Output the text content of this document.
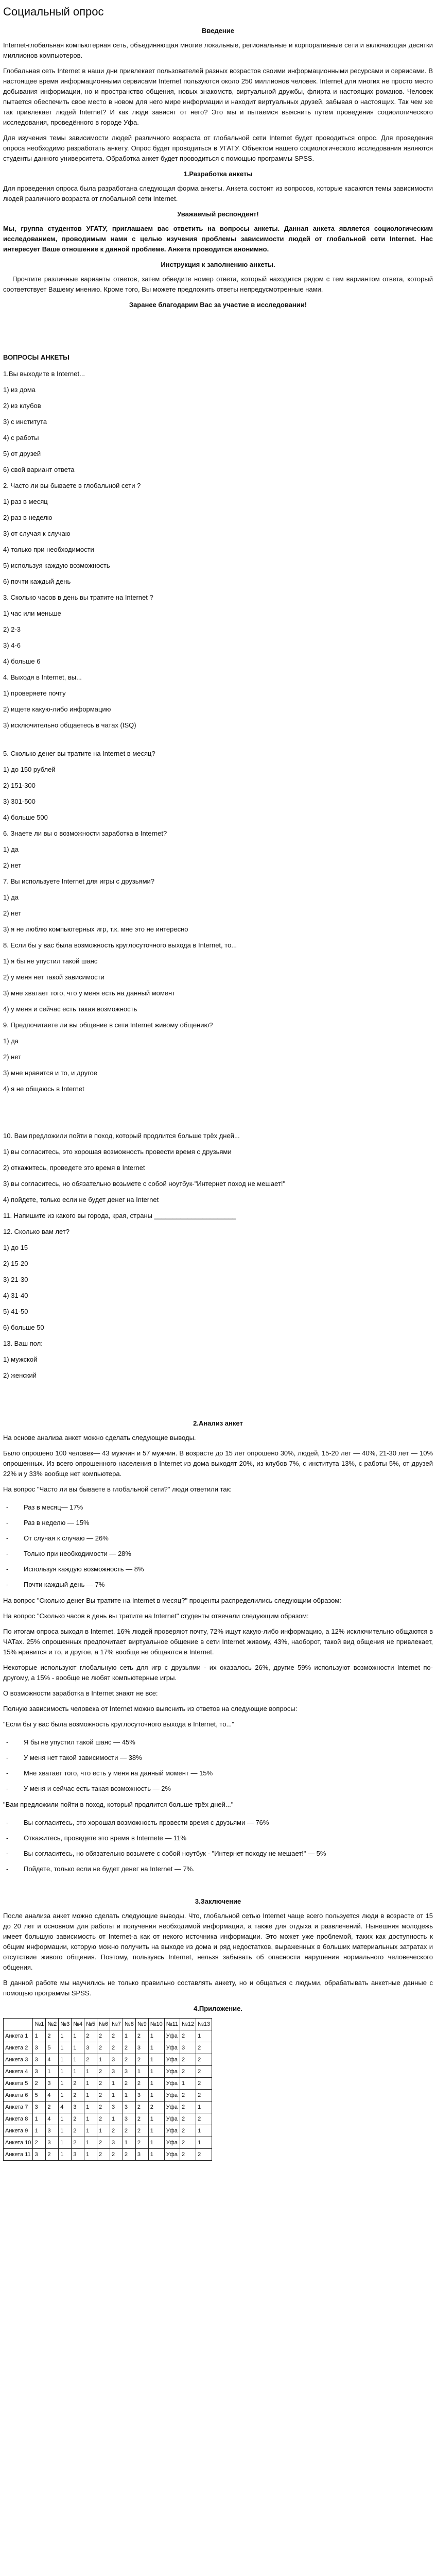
Социальный опрос
Введение

Internet-глобальная компьютерная сеть, объединяющая многие локальные, региональные и корпоративные сети и включающая десятки миллионов компьютеров.

Глобальная сеть Internet в наши дни привлекает пользователей разных возрастов своими информационными ресурсами и сервисами. В настоящее время информационными сервисами Internet пользуются около 250 миллионов человек. Internet для многих не просто место добывания информации, но и пространство общения, новых знакомств, виртуальной дружбы, флирта и настоящих романов. Человек пытается обеспечить свое место в новом для него мире информации и находит виртуальных друзей, забывая о настоящих. Так чем же так привлекает людей Internet? И как люди зависят от него? Это мы и пытаемся выяснить путем проведения социологического исследования, проведённого в городе Уфа.

Для изучения темы зависимости людей различного возраста от глобальной сети Internet будет проводиться опрос. Для проведения опроса необходимо разработать анкету. Опрос будет проводиться в УГАТУ. Объектом нашего социологического исследования являются студенты данного университета. Обработка анкет будет проводиться с помощью программы SPSS.

1.Разработка анкеты

Для проведения опроса была разработана следующая форма анкеты. Анкета состоит из вопросов, которые касаются темы зависимости людей различного возраста от глобальной сети Internet.

Уважаемый респондент!

Мы, группа студентов УГАТУ, приглашаем вас ответить на вопросы анкеты. Данная анкета является социологическим исследованием, проводимым нами с целью изучения проблемы зависимости людей от глобальной сети Internet. Нас интересует Ваше отношение к данной проблеме. Анкета проводится анонимно.

Инструкция к заполнению анкеты.

Прочтите различные варианты ответов, затем обведите номер ответа, который находится рядом с тем вариантом ответа, который соответствует Вашему мнению. Кроме того, Вы можете предложить ответы непредусмотренные нами.

Заранее благодарим Вас за участие в исследовании!
ВОПРОСЫ АНКЕТЫ
1.Вы выходите в Internet...
1) из дома
2) из клубов
3) с института
4) с работы
5) от друзей
6) свой вариант ответа
2. Часто ли вы бываете в глобальной сети ?
1) раз в месяц
2) раз в неделю
3) от случая к случаю
4) только при необходимости
5) используя каждую возможность
6) почти каждый день
3. Сколько часов в день вы тратите на Internet ?
1) час или меньше
2) 2-3
3) 4-6
4) больше 6
4. Выходя в Internet, вы...
1) проверяете почту
2) ищете какую-либо информацию
3) исключительно общаетесь в чатах (ISQ)
5. Сколько денег вы тратите на Internet в месяц?
1) до 150 рублей
2) 151-300
3) 301-500
4) больше 500
6. Знаете ли вы о возможности заработка в Internet?
1) да
2) нет
7. Вы используете Internet для игры с друзьями?
1) да
2) нет
3) я не люблю компьютерных игр, т.к. мне это не интересно
8. Если бы у вас была возможность круглосуточного выхода в Internet, то...
1) я бы не упустил такой шанс
2) у меня нет такой зависимости
3) мне хватает того, что у меня есть на данный момент
4) у меня и сейчас есть такая возможность
9. Предпочитаете ли вы общение в сети Internet живому общению?
1) да
2) нет
3) мне нравится и то, и другое
4) я не общаюсь в Internet
10. Вам предложили пойти в поход, который продлится больше трёх дней...
1) вы согласитесь, это хорошая возможность провести время с друзьями
2) откажитесь, проведете это время в Internet
3) вы согласитесь, но обязательно возьмете с собой ноутбук-"Интернет поход не мешает!"
4) пойдете, только если не будет денег на Internet
11. Напишите из какого вы города, края, страны ______________________
12. Сколько вам лет?
1) до 15
2) 15-20
3) 21-30
4) 31-40
5) 41-50
6) больше 50
13. Ваш пол:
1) мужской
2) женский
2.Анализ анкет

На основе анализа анкет можно сделать следующие выводы.

Было опрошено 100 человек— 43 мужчин и 57 мужчин. В возрасте до 15 лет опрошено 30%, людей, 15-20 лет — 40%, 21-30 лет — 10% опрошенных. Из всего опрошенного населения в Internet из дома выходят 20%, из клубов 7%, с института 13%, с работы 5%, от друзей 22% и у 33% вообще нет компьютера.

На вопрос "Часто ли вы бываете в глобальной сети?" люди ответили так:

- Раз в месяц— 17%
- Раз в неделю — 15%
- От случая к случаю — 26%
- Только при необходимости — 28%
- Используя каждую возможность — 8%
- Почти каждый день — 7%

На вопрос "Сколько денег Вы тратите на Internet в месяц?" проценты распределились следующим образом:

На вопрос "Сколько часов в день вы тратите на Internet" студенты отвечали следующим образом:

По итогам опроса выходя в Internet, 16% людей проверяют почту, 72% ищут какую-либо информацию, а 12% исключительно общаются в ЧАТах. 25% опрошенных предпочитает виртуальное общение в сети Internet живому, 43%, наоборот, такой вид общения не привлекает, 15% нравится и то, и другое, а 17% вообще не общаются в Internet.

Некоторые используют глобальную сеть для игр с друзьями - их оказалось 26%, другие 59% используют возможности Internet по-другому, а 15% - вообще не любят компьютерные игры.

О возможности заработка в Internet знают не все:

Полную зависимость человека от Internet можно выяснить из ответов на следующие вопросы:

"Если бы у вас была возможность круглосуточного выхода в Internet, то..."

- Я бы не упустил такой шанс — 45%
- У меня нет такой зависимости — 38%
- Мне хватает того, что есть у меня на данный момент — 15%
- У меня и сейчас есть такая возможность — 2%

"Вам предложили пойти в поход, который продлится больше трёх дней..."

- Вы согласитесь, это хорошая возможность провести время с друзьями — 76%
- Откажитесь, проведете это время в Internete — 11%
- Вы согласитесь, но обязательно возьмете с собой ноутбук - "Интернет походу не мешает!" — 5%
- Пойдете, только если не будет денег на Internet — 7%.
3.Заключение

После анализа анкет можно сделать следующие выводы. Что, глобальной сетью Internet чаще всего пользуется люди в возрасте от 15 до 20 лет и основном для работы и получения необходимой информации, а также для отдыха и развлечений. Нынешняя молодежь имеет большую зависимость от Internet-а как от некого источника информации. Это может уже проблемой, таких как доступность к общим информации, которую можно получить на выходе из дома и ряд недостатков, выраженных в больших материальных затратах и отсутствие живого общения. Поэтому, пользуясь Internet, нельзя забывать об опасности нарушения нормального человеческого общения.

В данной работе мы научились не только правильно составлять анкету, но и общаться с людьми, обрабатывать анкетные данные с помощью программы SPSS.

4.Приложение.
	№1	№2	№3	№4	№5	№6	№7	№8	№9	№10	№11	№12	№13
Анкета 1	1	2	1	1	2	2	2	1	2	1	Уфа	2	1
Анкета 2	3	5	1	1	3	2	2	2	3	1	Уфа	3	2
Анкета 3	3	4	1	1	2	1	3	2	2	1	Уфа	2	2
Анкета 4	3	1	1	1	1	2	3	3	1	1	Уфа	2	2
Анкета 5	2	3	1	2	1	2	1	2	2	1	Уфа	1	2
Анкета 6	5	4	1	2	1	2	1	1	3	1	Уфа	2	2
Анкета 7	3	2	4	3	1	2	3	3	2	2	Уфа	2	1
Анкета 8	1	4	1	2	1	2	1	3	2	1	Уфа	2	2
Анкета 9	1	3	1	2	1	1	2	2	2	1	Уфа	2	1
Анкета 10	2	3	1	2	1	2	3	1	2	1	Уфа	2	1
Анкета 11	3	2	1	3	1	2	2	2	3	1	Уфа	2	2
